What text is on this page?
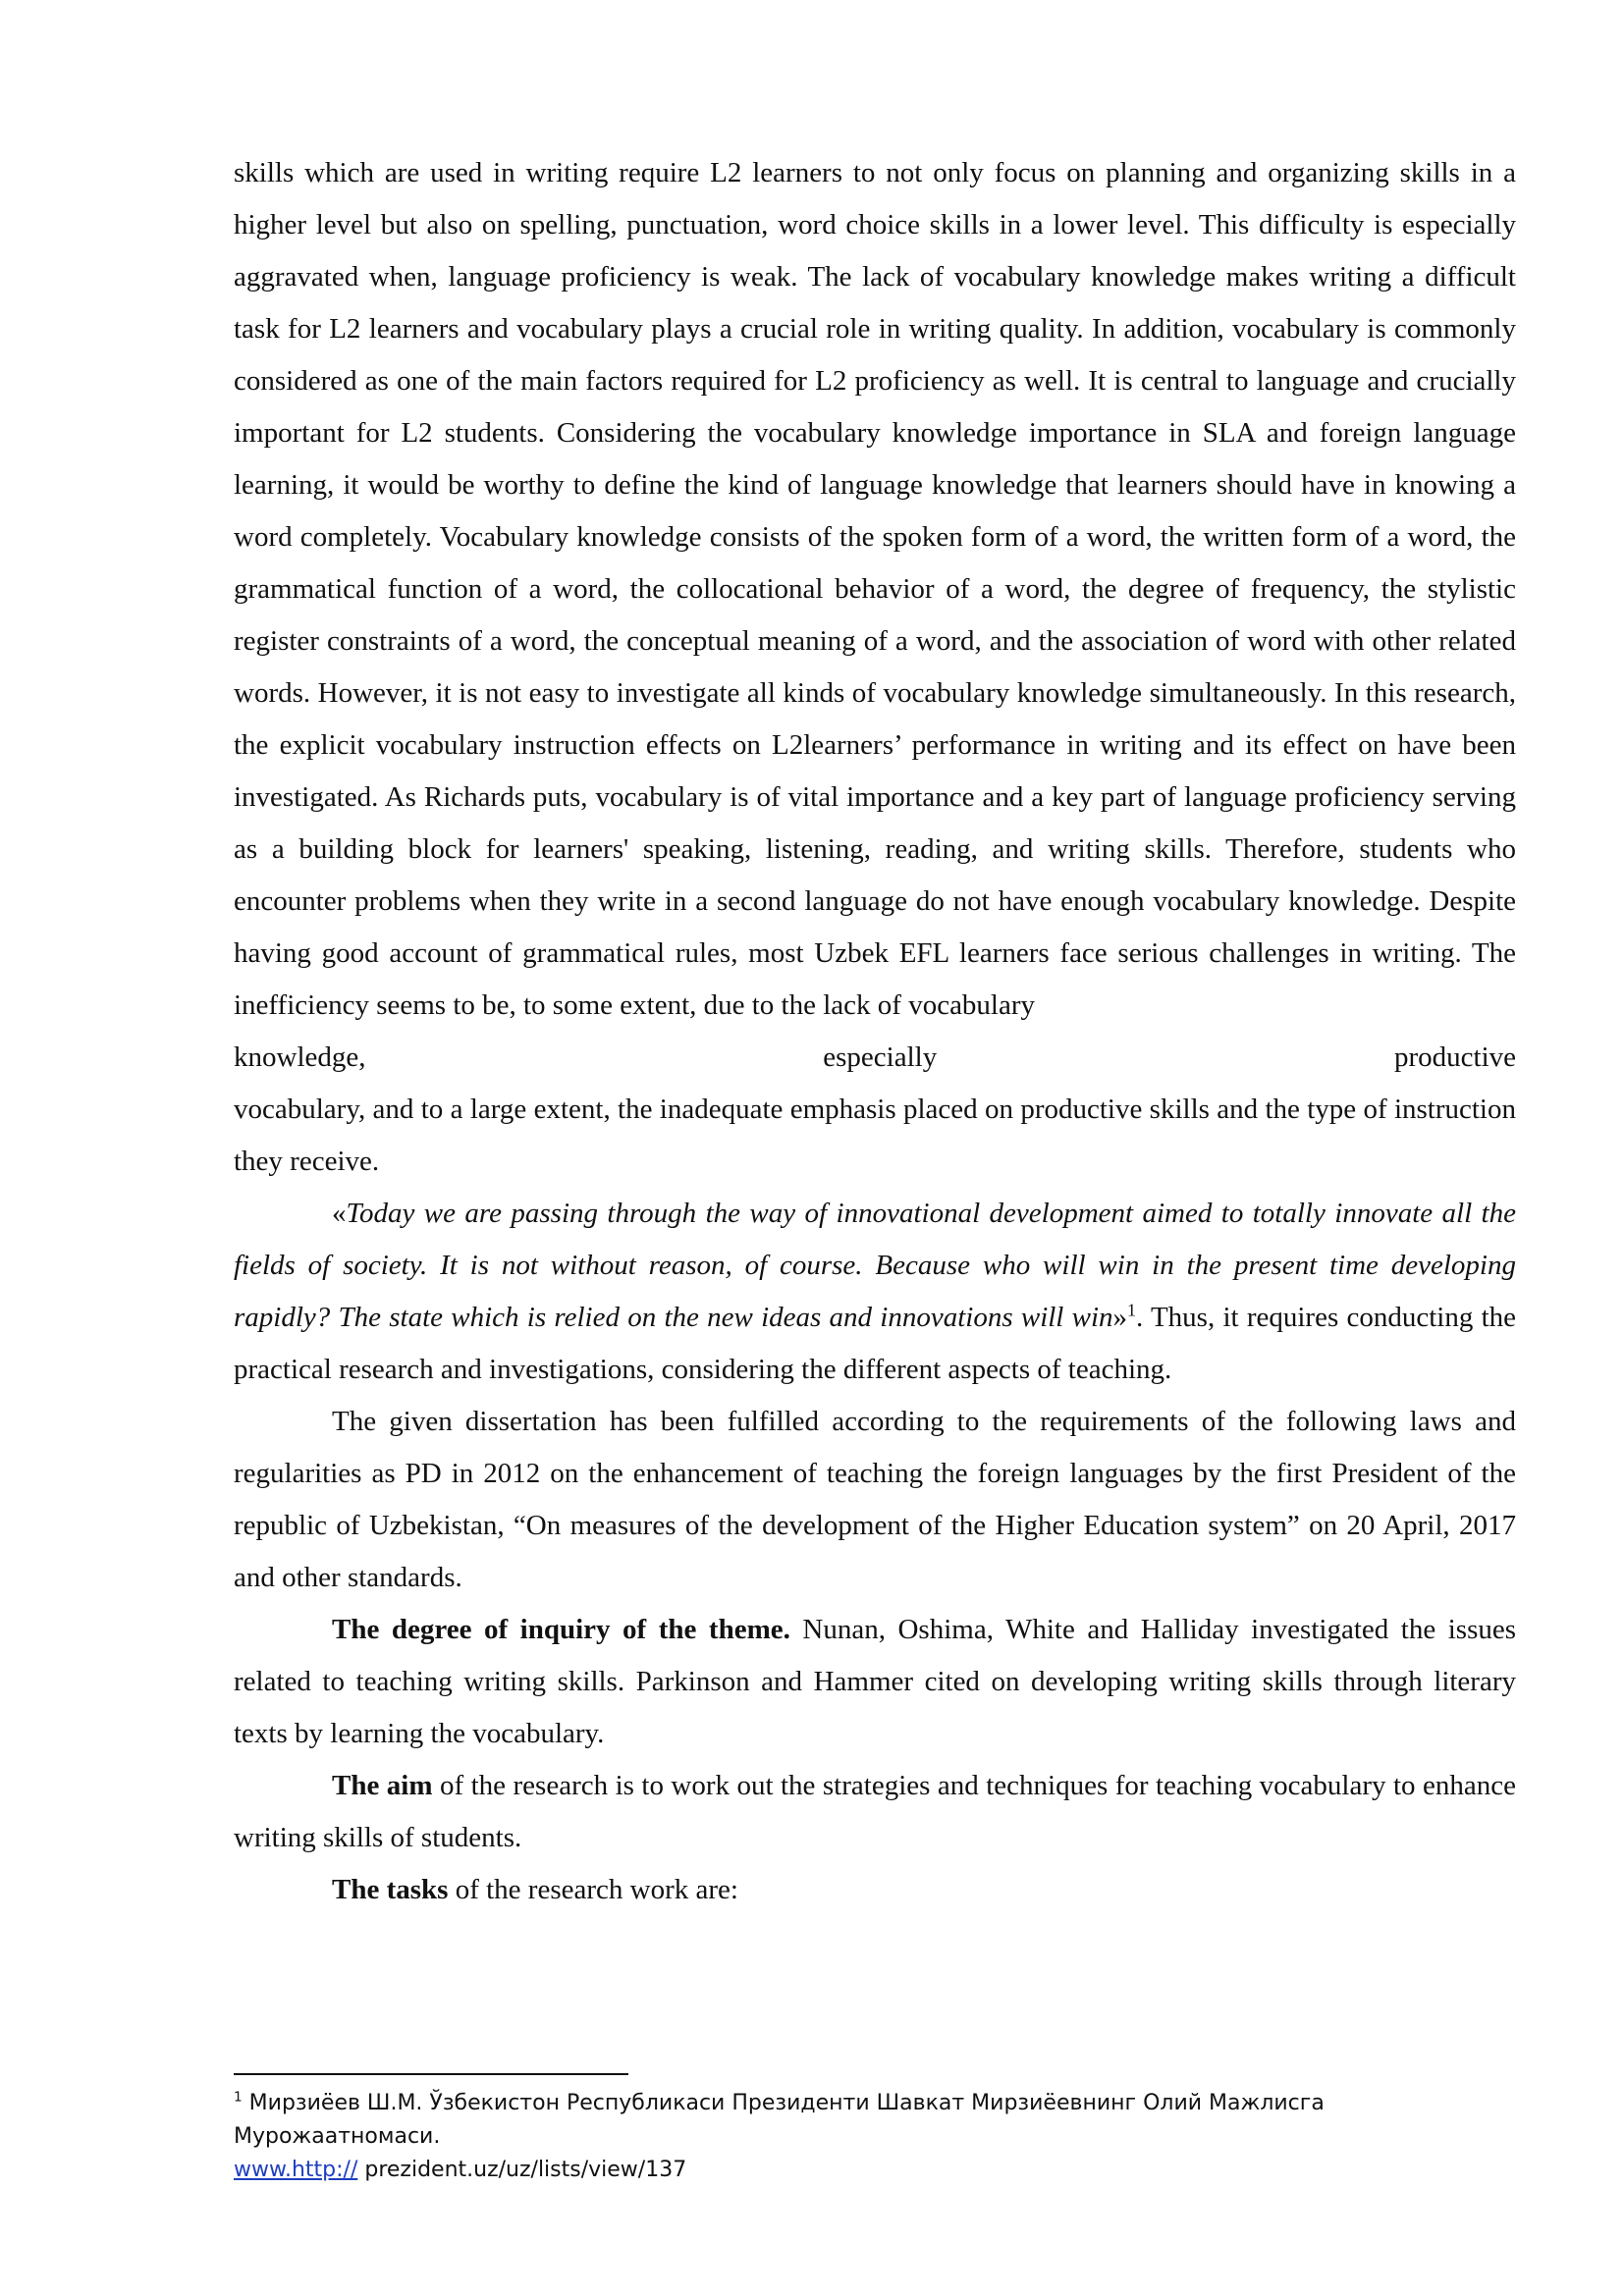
skills which are used in writing require L2 learners to not only focus on planning and organizing skills in a higher level but also on spelling, punctuation, word choice skills in a lower level. This difficulty is especially aggravated when, language proficiency is weak. The lack of vocabulary knowledge makes writing a difficult task for L2 learners and vocabulary plays a crucial role in writing quality. In addition, vocabulary is commonly considered as one of the main factors required for L2 proficiency as well. It is central to language and crucially important for L2 students. Considering the vocabulary knowledge importance in SLA and foreign language learning, it would be worthy to define the kind of language knowledge that learners should have in knowing a word completely. Vocabulary knowledge consists of the spoken form of a word, the written form of a word, the grammatical function of a word, the collocational behavior of a word, the degree of frequency, the stylistic register constraints of a word, the conceptual meaning of a word, and the association of word with other related words. However, it is not easy to investigate all kinds of vocabulary knowledge simultaneously. In this research, the explicit vocabulary instruction effects on L2learners’ performance in writing and its effect on have been investigated. As Richards puts, vocabulary is of vital importance and a key part of language proficiency serving as a building block for learners' speaking, listening, reading, and writing skills. Therefore, students who encounter problems when they write in a second language do not have enough vocabulary knowledge. Despite having good account of grammatical rules, most Uzbek EFL learners face serious challenges in writing. The inefficiency seems to be, to some extent, due to the lack of vocabulary
knowledge,	especially	productive
vocabulary, and to a large extent, the inadequate emphasis placed on productive skills and the type of instruction they receive.

«Today we are passing through the way of innovational development aimed to totally innovate all the fields of society. It is not without reason, of course. Because who will win in the present time developing rapidly? The state which is relied on the new ideas and innovations will win»$^1$. Thus, it requires conducting the practical research and investigations, considering the different aspects of teaching.

The given dissertation has been fulfilled according to the requirements of the following laws and regularities as PD in 2012 on the enhancement of teaching the foreign languages by the first President of the republic of Uzbekistan, “On measures of the development of the Higher Education system” on 20 April, 2017 and other standards.

The degree of inquiry of the theme. Nunan, Oshima, White and Halliday investigated the issues related to teaching writing skills. Parkinson and Hammer cited on developing writing skills through literary texts by learning the vocabulary.

The aim of the research is to work out the strategies and techniques for teaching vocabulary to enhance writing skills of students.

The tasks of the research work are:

$^1$ Мирзиёев Ш.М. Ўзбекистон Республикаси Президенти Шавкат Мирзиёевнинг Олий Мажлисга Мурожаатномаси.
www.http:// prezident.uz/uz/lists/view/137
